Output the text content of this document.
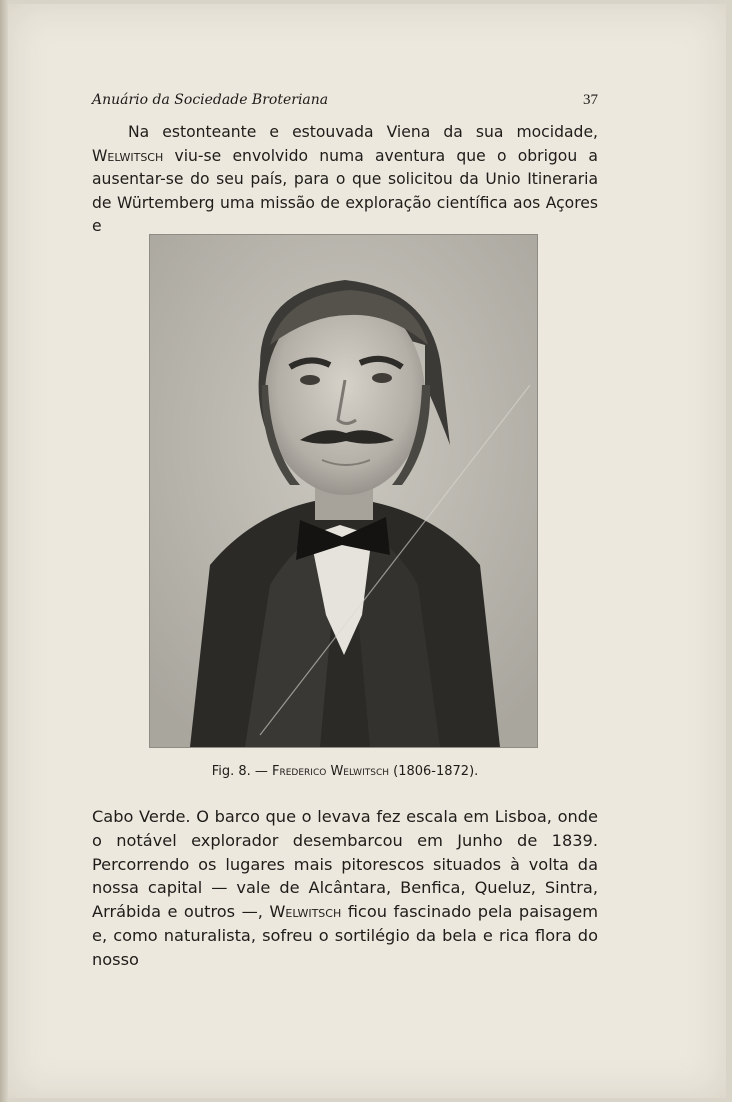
Anuário da Sociedade Broteriana	37

Na estonteante e estouvada Viena da sua mocidade, Welwitsch viu-se envolvido numa aventura que o obrigou a ausentar-se do seu país, para o que solicitou da Unio Itineraria de Würtemberg uma missão de exploração científica aos Açores e

Fig. 8. — Frederico Welwitsch (1806-1872).

Cabo Verde. O barco que o levava fez escala em Lisboa, onde o notável explorador desembarcou em Junho de 1839. Percorrendo os lugares mais pitorescos situados à volta da nossa capital — vale de Alcântara, Benfica, Queluz, Sintra, Arrábida e outros —, Welwitsch ficou fascinado pela paisagem e, como naturalista, sofreu o sortilégio da bela e rica flora do nosso
